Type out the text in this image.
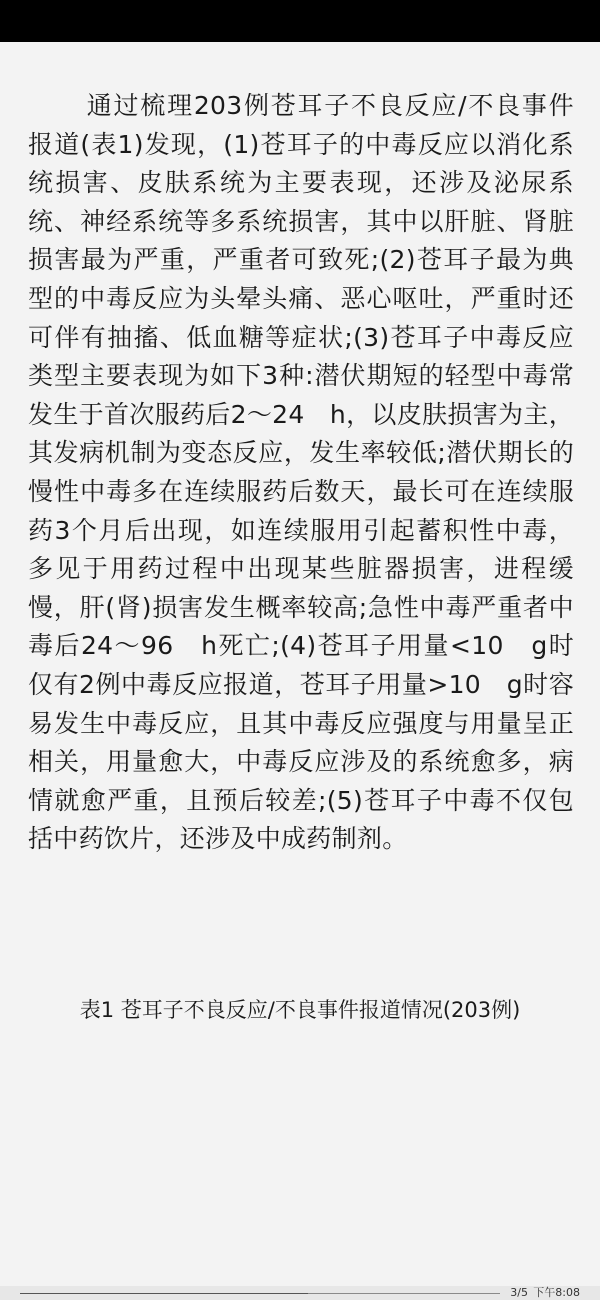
通过梳理203例苍耳子不良反应/不良事件报道(表1)发现，(1)苍耳子的中毒反应以消化系统损害、皮肤系统为主要表现，还涉及泌尿系统、神经系统等多系统损害，其中以肝脏、肾脏损害最为严重，严重者可致死;(2)苍耳子最为典型的中毒反应为头晕头痛、恶心呕吐，严重时还可伴有抽搐、低血糖等症状;(3)苍耳子中毒反应类型主要表现为如下3种:潜伏期短的轻型中毒常发生于首次服药后2～24　h，以皮肤损害为主，其发病机制为变态反应，发生率较低;潜伏期长的慢性中毒多在连续服药后数天，最长可在连续服药3个月后出现，如连续服用引起蓄积性中毒，多见于用药过程中出现某些脏器损害，进程缓慢，肝(肾)损害发生概率较高;急性中毒严重者中毒后24～96　h死亡;(4)苍耳子用量<10　g时仅有2例中毒反应报道，苍耳子用量>10　g时容易发生中毒反应，且其中毒反应强度与用量呈正相关，用量愈大，中毒反应涉及的系统愈多，病情就愈严重，且预后较差;(5)苍耳子中毒不仅包括中药饮片，还涉及中成药制剂。

表1 苍耳子不良反应/不良事件报道情况(203例)
3/5 下午8:08
